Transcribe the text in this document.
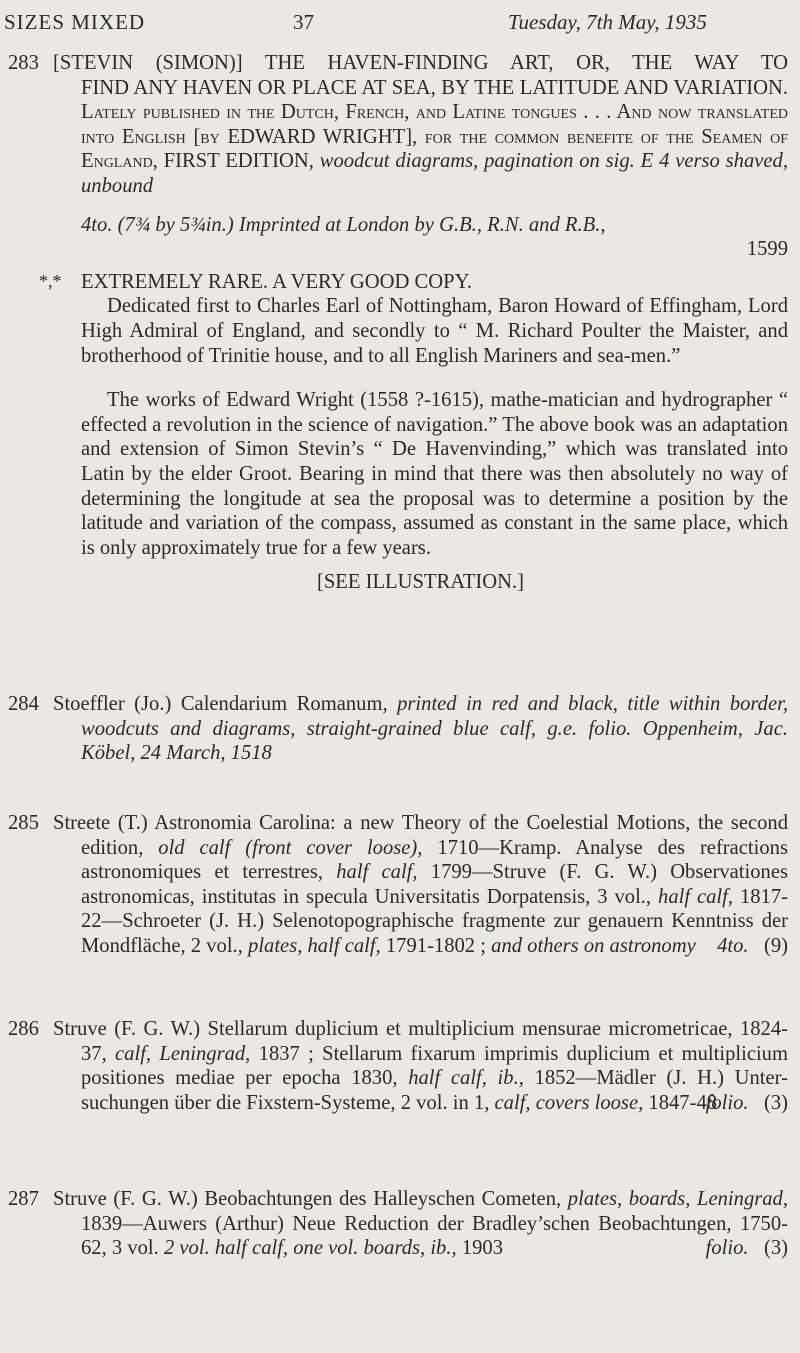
SIZES MIXED	37	Tuesday, 7th May, 1935
283 [STEVIN (SIMON)] THE HAVEN-FINDING ART, OR, THE WAY TO
FIND ANY HAVEN OR PLACE AT SEA, BY THE LATITUDE AND VARIATION. Lately published in the Dutch, French, and Latine tongues . . . And now translated into English [by EDWARD WRIGHT], for the common benefite of the Seamen of England, FIRST EDITION, woodcut diagrams, pagination on sig. E 4 verso shaved, unbound
4to. (7¾ by 5¾in.) Imprinted at London by G.B., R.N. and R.B.,
1599
*,* EXTREMELY RARE. A VERY GOOD COPY.
Dedicated first to Charles Earl of Nottingham, Baron Howard of Effingham, Lord High Admiral of England, and secondly to “ M. Richard Poulter the Maister, and brotherhood of Trinitie house, and to all English Mariners and sea-men.”
The works of Edward Wright (1558 ?-1615), mathe-matician and hydrographer “ effected a revolution in the science of navigation.” The above book was an adaptation and extension of Simon Stevin’s “ De Havenvinding,” which was translated into Latin by the elder Groot. Bearing in mind that there was then absolutely no way of determining the longitude at sea the proposal was to determine a position by the latitude and variation of the compass, assumed as constant in the same place, which is only approximately true for a few years.
[SEE ILLUSTRATION.]
284 Stoeffler (Jo.) Calendarium Romanum, printed in red and black, title within border, woodcuts and diagrams, straight-grained blue calf, g.e. folio. Oppenheim, Jac. Köbel, 24 March, 1518
285 Streete (T.) Astronomia Carolina: a new Theory of the Coelestial Motions, the second edition, old calf (front cover loose), 1710—Kramp. Analyse des refractions astronomiques et terrestres, half calf, 1799—Struve (F. G. W.) Observationes astronomicas, institutas in specula Universitatis Dorpatensis, 3 vol., half calf, 1817-22—Schroeter (J. H.) Selenotopographische fragmente zur genauern Kenntniss der Mondfläche, 2 vol., plates, half calf, 1791-1802 ; and others on astronomy 4to. (9)
286 Struve (F. G. W.) Stellarum duplicium et multiplicium mensurae micrometricae, 1824-37, calf, Leningrad, 1837 ; Stellarum fixarum imprimis duplicium et multiplicium positiones mediae per epocha 1830, half calf, ib., 1852—Mädler (J. H.) Unter-suchungen über die Fixstern-Systeme, 2 vol. in 1, calf, covers loose, 1847-48
folio. (3)
287 Struve (F. G. W.) Beobachtungen des Halleyschen Cometen, plates, boards, Leningrad, 1839—Auwers (Arthur) Neue Reduction der Bradley’schen Beobachtungen, 1750-62, 3 vol. 2 vol. half calf, one vol. boards, ib., 1903	folio. (3)
